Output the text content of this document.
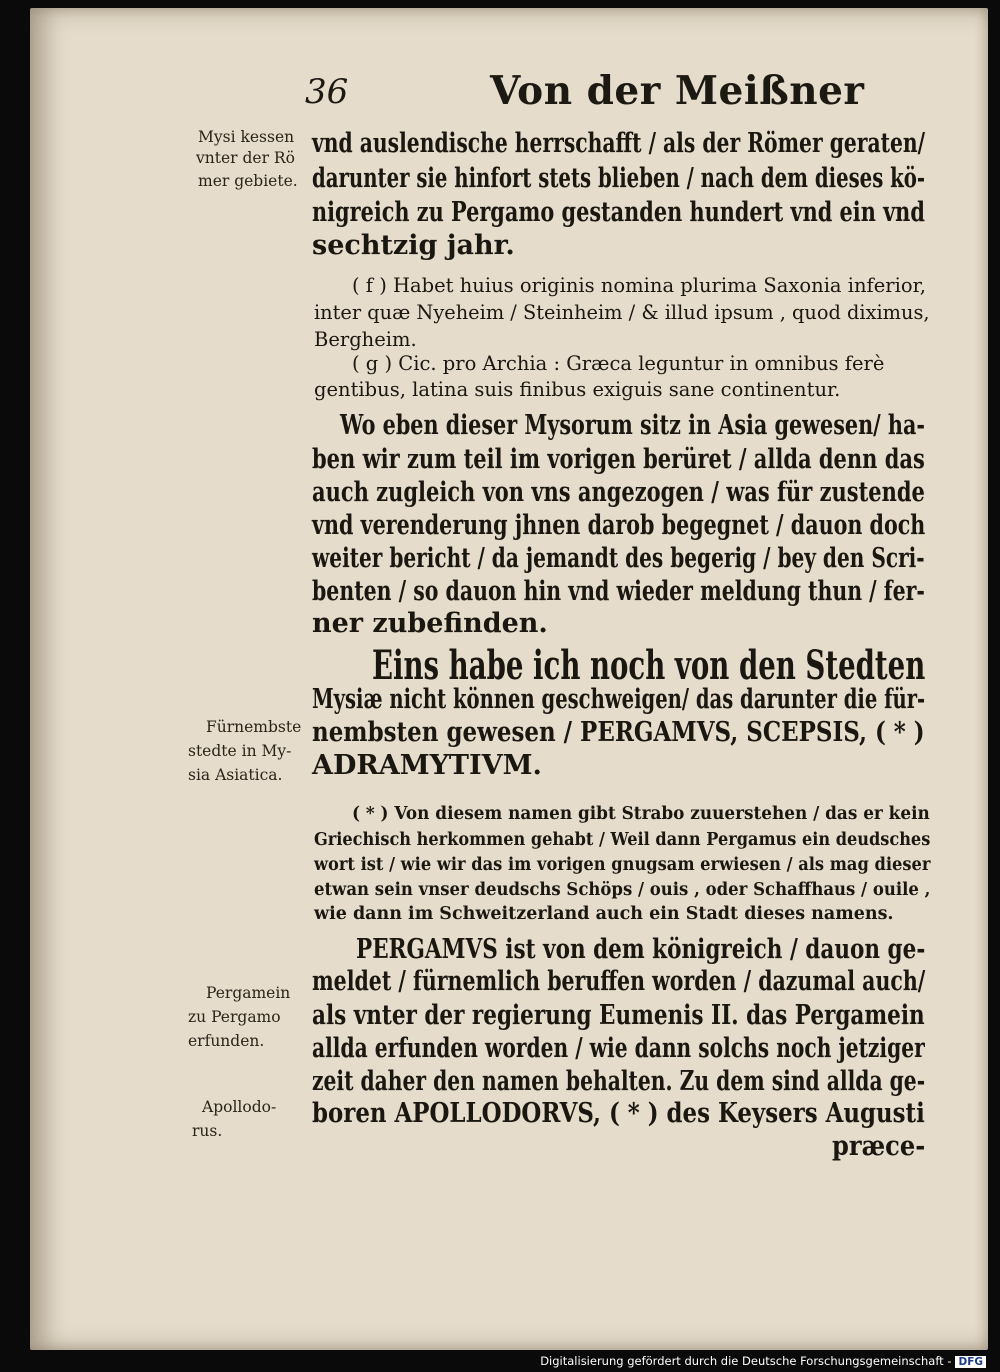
36	Von der Meißner
Mysi kessen
vnter der Rö
mer gebiete.
Fürnembste
stedte in My-
sia Asiatica.
Pergamein
zu Pergamo
erfunden.
Apollodo-
rus.
vnd auslendische herrschafft / als der Römer geraten/
darunter sie hinfort stets blieben / nach dem dieses kö-
nigreich zu Pergamo gestanden hundert vnd ein vnd
sechtzig jahr.
( f ) Habet huius originis nomina plurima Saxonia inferior,
inter quæ Nyeheim / Steinheim / & illud ipsum , quod diximus,
Bergheim.
( g ) Cic. pro Archia : Græca leguntur in omnibus ferè
gentibus, latina suis finibus exiguis sane continentur.
Wo eben dieser Mysorum sitz in Asia gewesen/ ha-
ben wir zum teil im vorigen berüret / allda denn das
auch zugleich von vns angezogen / was für zustende
vnd verenderung jhnen darob begegnet / dauon doch
weiter bericht / da jemandt des begerig / bey den Scri-
benten / so dauon hin vnd wieder meldung thun / fer-
ner zubefinden.
Eins habe ich noch von den Stedten
Mysiæ nicht können geschweigen/ das darunter die für-
nembsten gewesen / PERGAMVS, SCEPSIS, ( * )
ADRAMYTIVM.
( * ) Von diesem namen gibt Strabo zuuerstehen / das er kein
Griechisch herkommen gehabt / Weil dann Pergamus ein deudsches
wort ist / wie wir das im vorigen gnugsam erwiesen / als mag dieser
etwan sein vnser deudschs Schöps / ouis , oder Schaffhaus / ouile ,
wie dann im Schweitzerland auch ein Stadt dieses namens.
PERGAMVS ist von dem königreich / dauon ge-
meldet / fürnemlich beruffen worden / dazumal auch/
als vnter der regierung Eumenis II. das Pergamein
allda erfunden worden / wie dann solchs noch jetziger
zeit daher den namen behalten. Zu dem sind allda ge-
boren APOLLODORVS, ( * ) des Keysers Augusti
præce-
Digitalisierung gefördert durch die Deutsche Forschungsgemeinschaft - DFG
